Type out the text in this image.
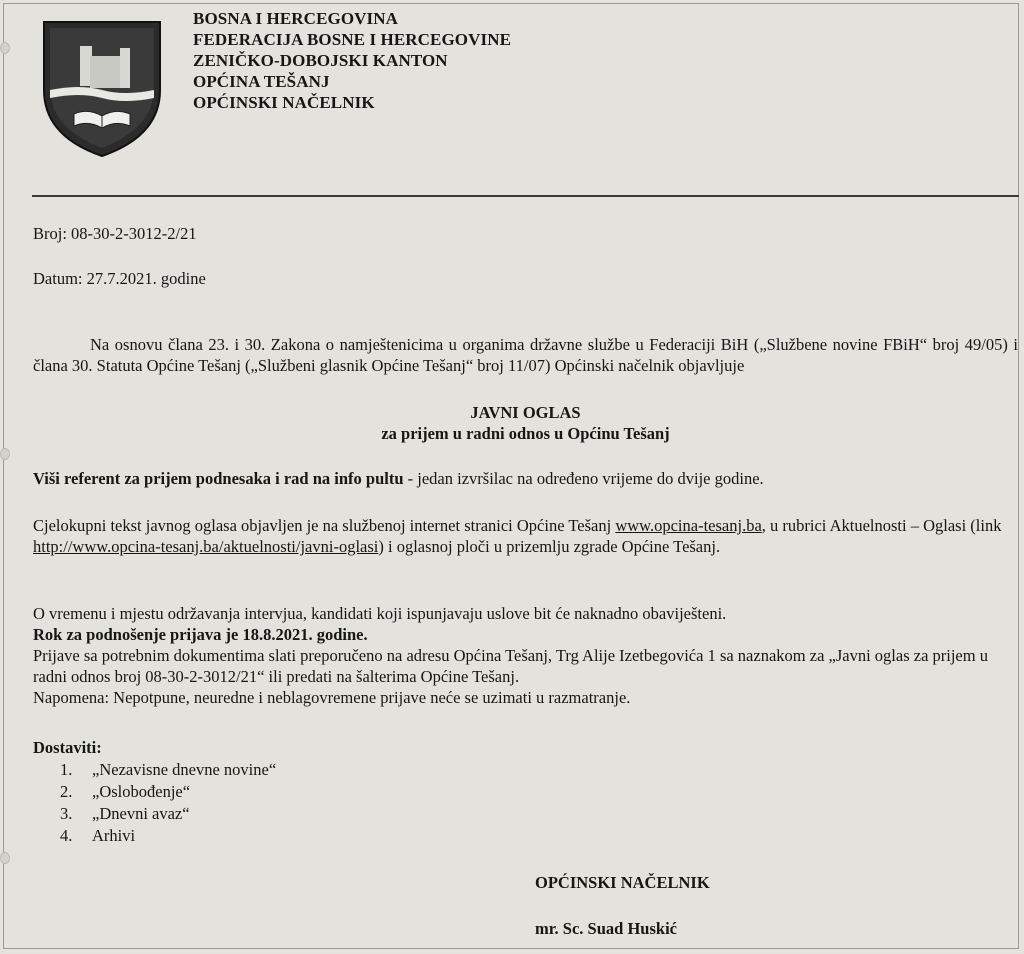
BOSNA I HERCEGOVINA
FEDERACIJA BOSNE I HERCEGOVINE
ZENIČKO-DOBOJSKI KANTON
OPĆINA TEŠANJ
OPĆINSKI NAČELNIK

Broj: 08-30-2-3012-2/21

Datum: 27.7.2021. godine

Na osnovu člana 23. i 30. Zakona o namještenicima u organima državne službe u Federaciji BiH („Službene novine FBiH“ broj 49/05) i člana 30. Statuta Općine Tešanj („Službeni glasnik Općine Tešanj“ broj 11/07) Općinski načelnik objavljuje

JAVNI OGLAS

za prijem u radni odnos u Općinu Tešanj

Viši referent za prijem podnesaka i rad na info pultu - jedan izvršilac na određeno vrijeme do dvije godine.

Cjelokupni tekst javnog oglasa objavljen je na službenoj internet stranici Općine Tešanj www.opcina-tesanj.ba, u rubrici Aktuelnosti – Oglasi (link http://www.opcina-tesanj.ba/aktuelnosti/javni-oglasi) i oglasnoj ploči u prizemlju zgrade Općine Tešanj.

O vremenu i mjestu održavanja intervjua, kandidati koji ispunjavaju uslove bit će naknadno obaviješteni.

Rok za podnošenje prijava je 18.8.2021. godine.

Prijave sa potrebnim dokumentima slati preporučeno na adresu Općina Tešanj, Trg Alije Izetbegovića 1 sa naznakom za „Javni oglas za prijem u radni odnos broj 08-30-2-3012/21“ ili predati na šalterima Općine Tešanj.

Napomena: Nepotpune, neuredne i neblagovremene prijave neće se uzimati u razmatranje.

Dostaviti:

1.	„Nezavisne dnevne novine“
2.	„Oslobođenje“
3.	„Dnevni avaz“
4.	Arhivi

OPĆINSKI NAČELNIK

mr. Sc. Suad Huskić
